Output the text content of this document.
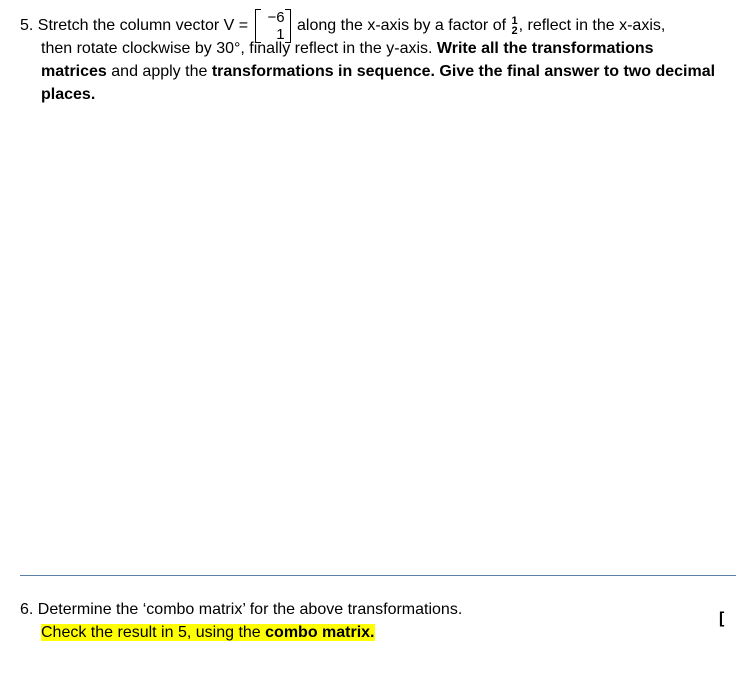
5. Stretch the column vector V =	−6
1
along the x-axis by a factor of 1
2 , reflect in the x-axis,
then rotate clockwise by 30°, finally reflect in the y-axis. Write all the transformations
matrices and apply the transformations in sequence. Give the final answer to two decimal
places.
6. Determine the ‘combo matrix’ for the above transformations.
Check the result in 5, using the combo matrix.
[
